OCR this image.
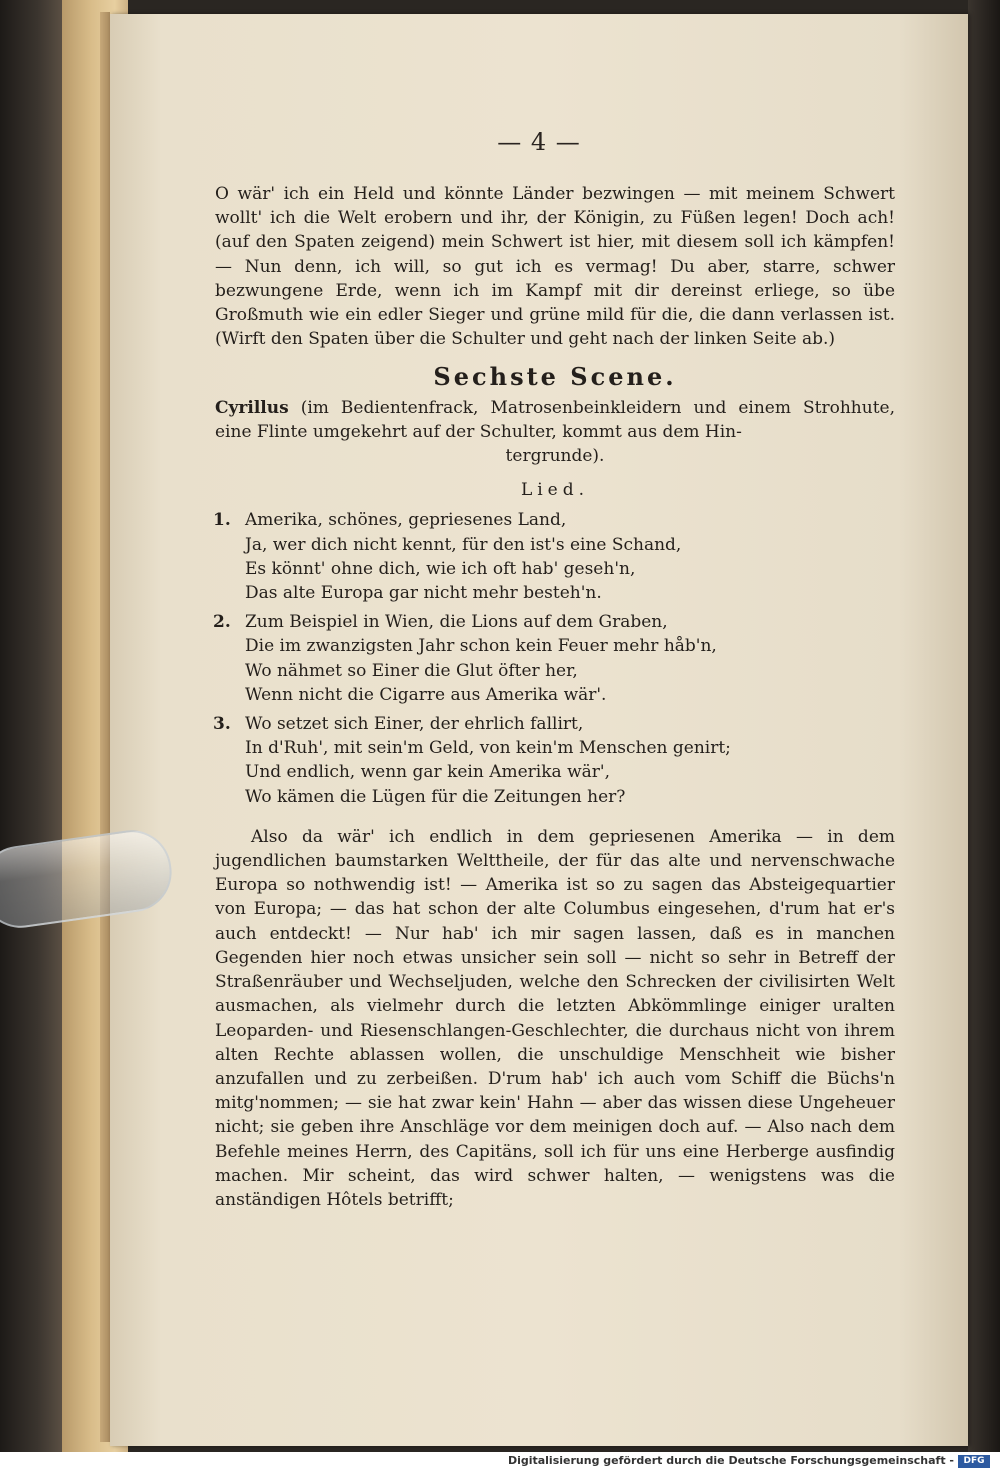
— 4 —

O wär' ich ein Held und könnte Länder bezwingen — mit meinem Schwert wollt' ich die Welt erobern und ihr, der Königin, zu Füßen legen! Doch ach! (auf den Spaten zeigend) mein Schwert ist hier, mit diesem soll ich kämpfen! — Nun denn, ich will, so gut ich es vermag! Du aber, starre, schwer bezwungene Erde, wenn ich im Kampf mit dir dereinst erliege, so übe Großmuth wie ein edler Sieger und grüne mild für die, die dann verlassen ist. (Wirft den Spaten über die Schulter und geht nach der linken Seite ab.)

Sechste Scene.

Cyrillus (im Bedientenfrack, Matrosenbeinkleidern und einem Strohhute, eine Flinte umgekehrt auf der Schulter, kommt aus dem Hin-

tergrunde).

Lied.
1. Amerika, schönes, gepriesenes Land,
Ja, wer dich nicht kennt, für den ist's eine Schand,
Es könnt' ohne dich, wie ich oft hab' geseh'n,
Das alte Europa gar nicht mehr besteh'n.
2. Zum Beispiel in Wien, die Lions auf dem Graben,
Die im zwanzigsten Jahr schon kein Feuer mehr håb'n,
Wo nähmet so Einer die Glut öfter her,
Wenn nicht die Cigarre aus Amerika wär'.
3. Wo setzet sich Einer, der ehrlich fallirt,
In d'Ruh', mit sein'm Geld, von kein'm Menschen genirt;
Und endlich, wenn gar kein Amerika wär',
Wo kämen die Lügen für die Zeitungen her?

Also da wär' ich endlich in dem gepriesenen Amerika — in dem jugendlichen baumstarken Welttheile, der für das alte und nervenschwache Europa so nothwendig ist! — Amerika ist so zu sagen das Absteigequartier von Europa; — das hat schon der alte Columbus eingesehen, d'rum hat er's auch entdeckt! — Nur hab' ich mir sagen lassen, daß es in manchen Gegenden hier noch etwas unsicher sein soll — nicht so sehr in Betreff der Straßenräuber und Wechseljuden, welche den Schrecken der civilisirten Welt ausmachen, als vielmehr durch die letzten Abkömmlinge einiger uralten Leoparden- und Riesenschlangen-Geschlechter, die durchaus nicht von ihrem alten Rechte ablassen wollen, die unschuldige Menschheit wie bisher anzufallen und zu zerbeißen. D'rum hab' ich auch vom Schiff die Büchs'n mitg'nommen; — sie hat zwar kein' Hahn — aber das wissen diese Ungeheuer nicht; sie geben ihre Anschläge vor dem meinigen doch auf. — Also nach dem Befehle meines Herrn, des Capitäns, soll ich für uns eine Herberge ausfindig machen. Mir scheint, das wird schwer halten, — wenigstens was die anständigen Hôtels betrifft;

Digitalisierung gefördert durch die Deutsche Forschungsgemeinschaft -	DFG
